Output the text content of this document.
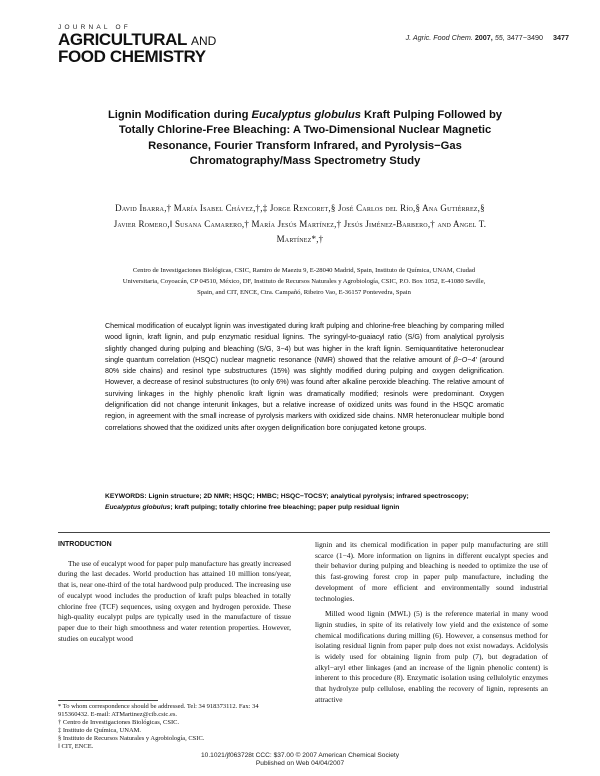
JOURNAL OF
AGRICULTURAL AND
FOOD CHEMISTRY
J. Agric. Food Chem. 2007, 55, 3477−3490 3477
Lignin Modification during Eucalyptus globulus Kraft Pulping Followed by Totally Chlorine-Free Bleaching: A Two-Dimensional Nuclear Magnetic Resonance, Fourier Transform Infrared, and Pyrolysis−Gas Chromatography/Mass Spectrometry Study
David Ibarra,† María Isabel Chávez,†,‡ Jorge Rencoret,§ José Carlos del Río,§ Ana Gutiérrez,§ Javier Romero,‖ Susana Camarero,† María Jesús Martínez,† Jesús Jiménez-Barbero,† and Angel T. Martínez*,†
Centro de Investigaciones Biológicas, CSIC, Ramiro de Maeztu 9, E-28040 Madrid, Spain, Instituto de Química, UNAM, Ciudad Universitaria, Coyoacán, CP 04510, México, DF, Instituto de Recursos Naturales y Agrobiología, CSIC, P.O. Box 1052, E-41080 Seville, Spain, and CIT, ENCE, Ctra. Campañó, Ribeiro Vao, E-36157 Pontevedra, Spain
Chemical modification of eucalypt lignin was investigated during kraft pulping and chlorine-free bleaching by comparing milled wood lignin, kraft lignin, and pulp enzymatic residual lignins. The syringyl-to-guaiacyl ratio (S/G) from analytical pyrolysis slightly changed during pulping and bleaching (S/G, 3−4) but was higher in the kraft lignin. Semiquantitative heteronuclear single quantum correlation (HSQC) nuclear magnetic resonance (NMR) showed that the relative amount of β−O−4′ (around 80% side chains) and resinol type substructures (15%) was slightly modified during pulping and oxygen delignification. However, a decrease of resinol substructures (to only 6%) was found after alkaline peroxide bleaching. The relative amount of surviving linkages in the highly phenolic kraft lignin was dramatically modified; resinols were predominant. Oxygen delignification did not change interunit linkages, but a relative increase of oxidized units was found in the HSQC aromatic region, in agreement with the small increase of pyrolysis markers with oxidized side chains. NMR heteronuclear multiple bond correlations showed that the oxidized units after oxygen delignification bore conjugated ketone groups.
KEYWORDS: Lignin structure; 2D NMR; HSQC; HMBC; HSQC−TOCSY; analytical pyrolysis; infrared spectroscopy; Eucalyptus globulus; kraft pulping; totally chlorine free bleaching; paper pulp residual lignin
INTRODUCTION
The use of eucalypt wood for paper pulp manufacture has greatly increased during the last decades. World production has attained 10 million tons/year, that is, near one-third of the total hardwood pulp produced. The increasing use of eucalypt wood includes the production of kraft pulps bleached in totally chlorine free (TCF) sequences, using oxygen and hydrogen peroxide. These high-quality eucalypt pulps are typically used in the manufacture of tissue paper due to their high smoothness and water retention properties. However, studies on eucalypt wood
lignin and its chemical modification in paper pulp manufacturing are still scarce (1−4). More information on lignins in different eucalypt species and their behavior during pulping and bleaching is needed to optimize the use of this fast-growing forest crop in paper pulp manufacture, including the development of more efficient and environmentally sound industrial technologies.
Milled wood lignin (MWL) (5) is the reference material in many wood lignin studies, in spite of its relatively low yield and the existence of some chemical modifications during milling (6). However, a consensus method for isolating residual lignin from paper pulp does not exist nowadays. Acidolysis is widely used for obtaining lignin from pulp (7), but degradation of alkyl−aryl ether linkages (and an increase of the lignin phenolic content) is inherent to this procedure (8). Enzymatic isolation using cellulolytic enzymes that hydrolyze pulp cellulose, enabling the recovery of lignin, represents an attractive
* To whom correspondence should be addressed. Tel: 34 918373112. Fax: 34 915360432. E-mail: ATMartinez@cib.csic.es.
† Centro de Investigaciones Biológicas, CSIC.
‡ Instituto de Química, UNAM.
§ Instituto de Recursos Naturales y Agrobiología, CSIC.
‖ CIT, ENCE.
10.1021/jf063728t CCC: $37.00 © 2007 American Chemical Society
Published on Web 04/04/2007
